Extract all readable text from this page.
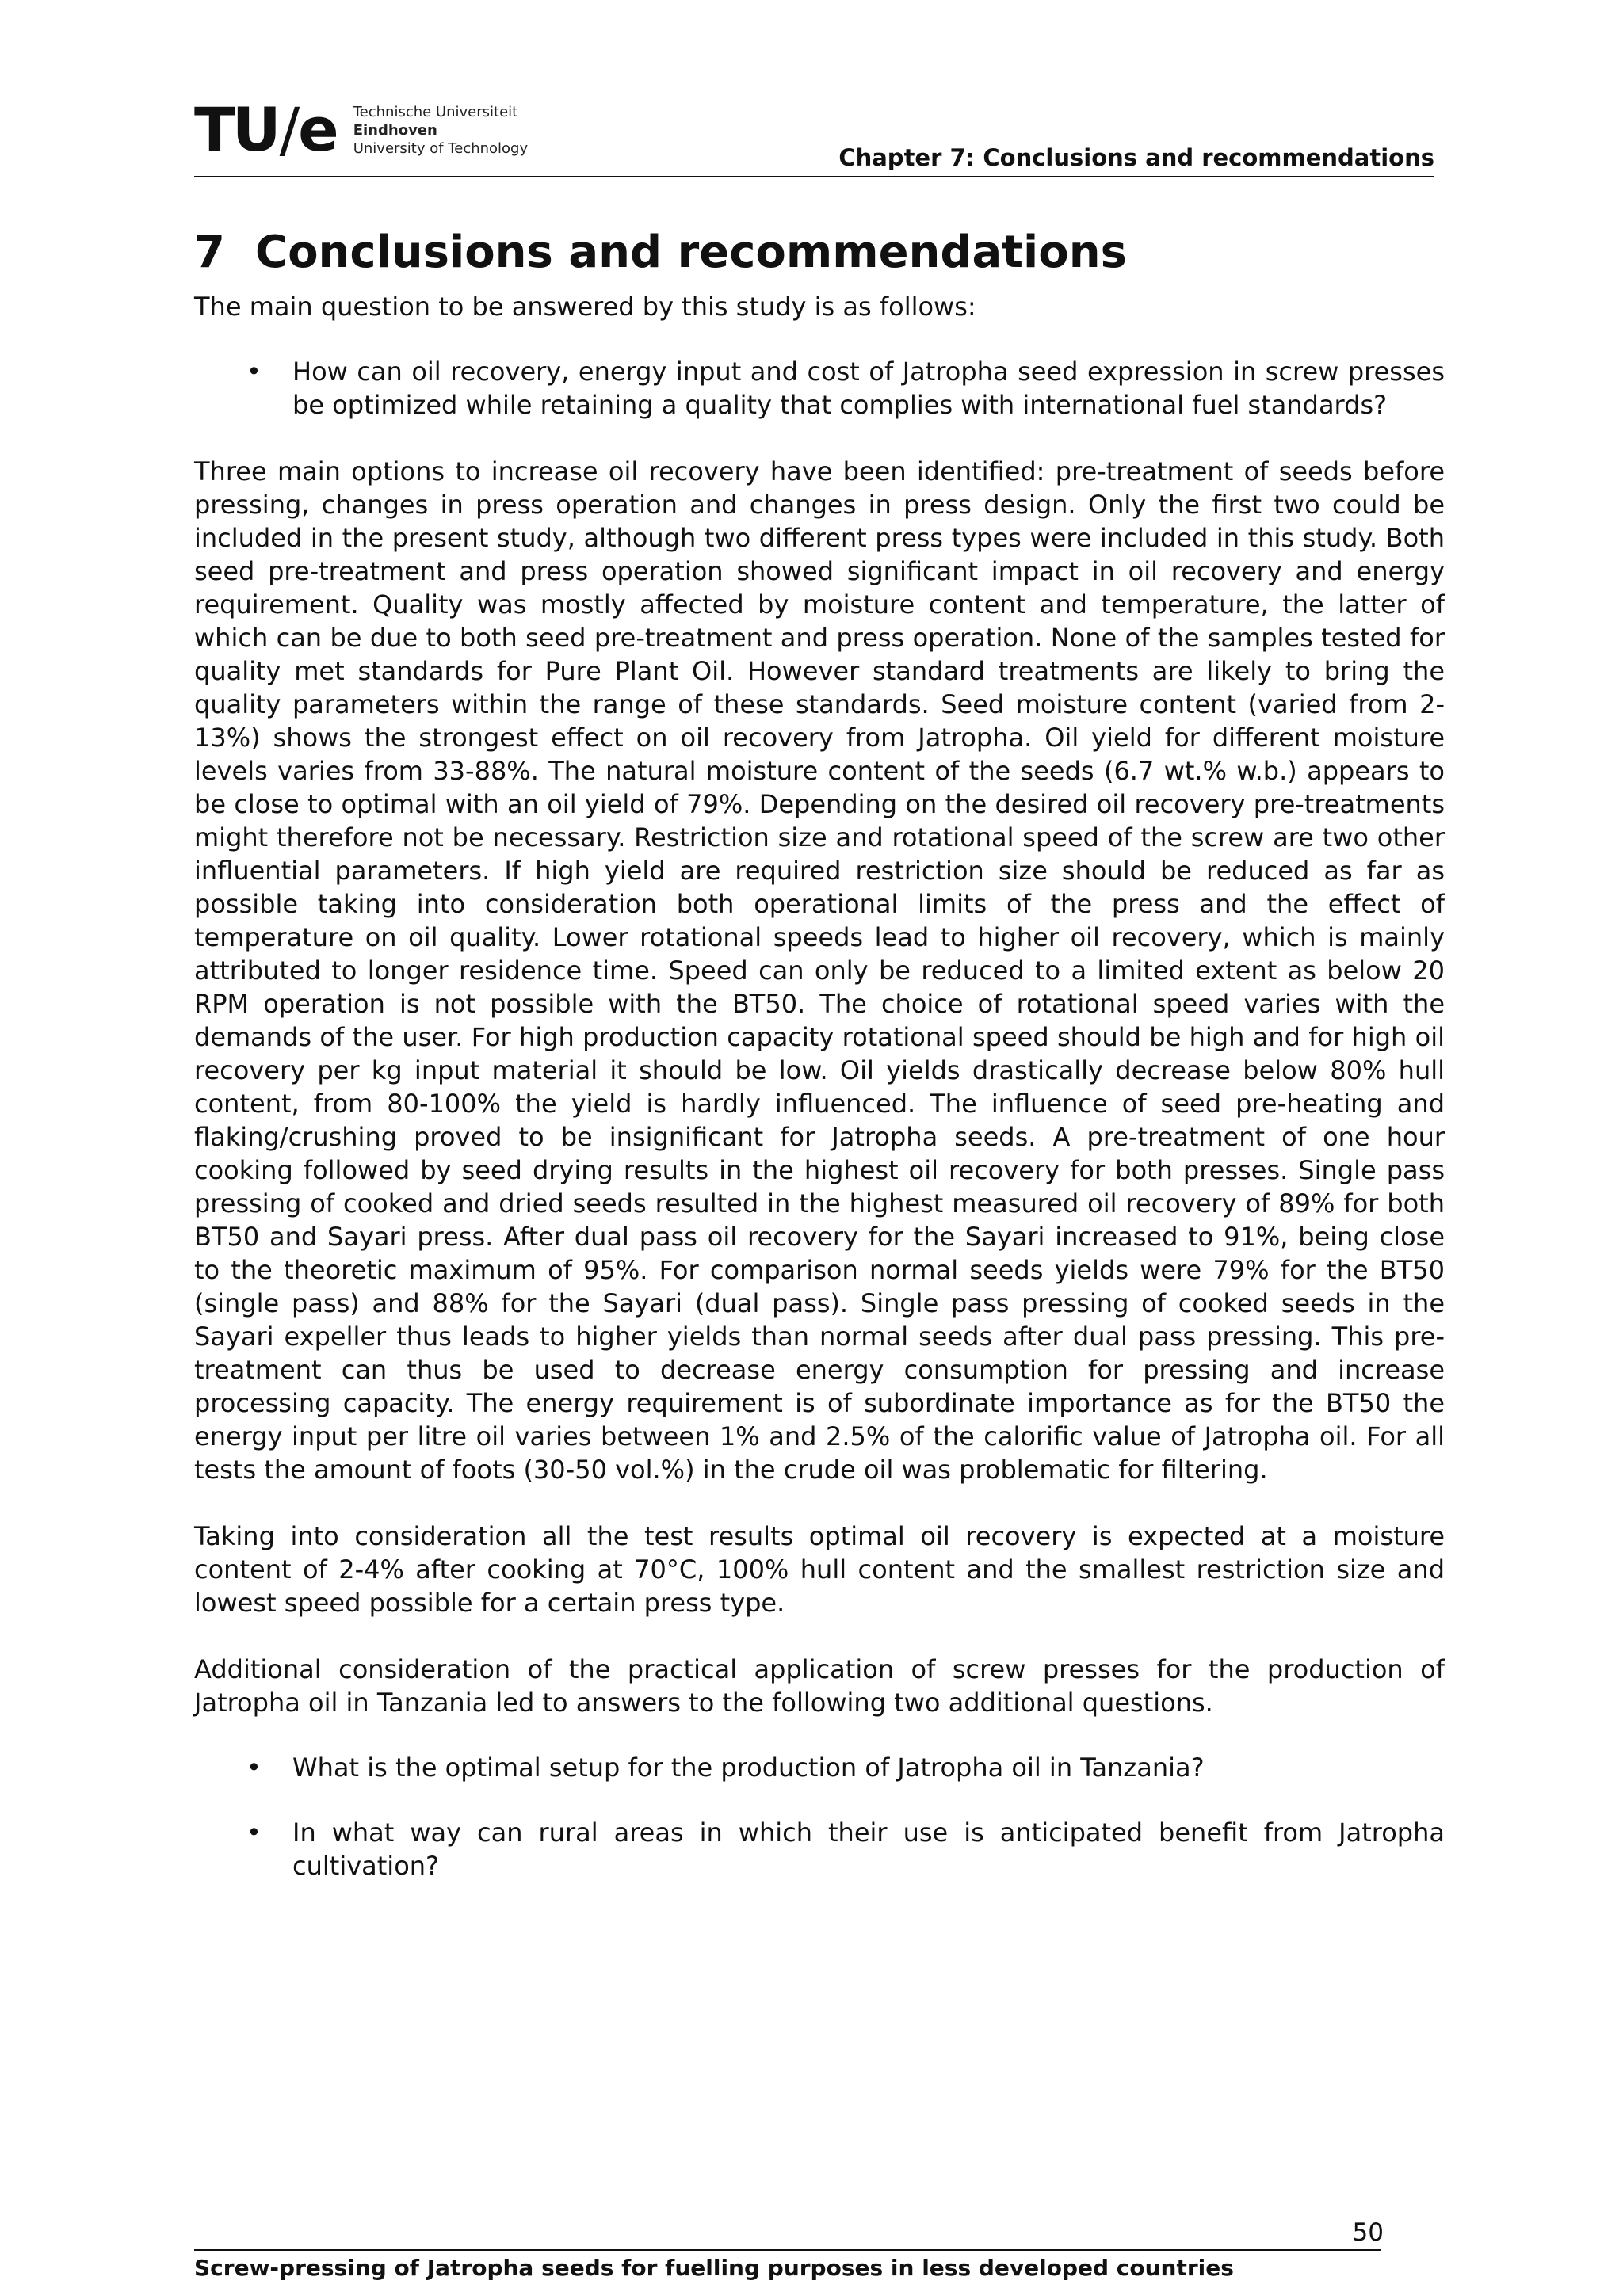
TU/e Technische Universiteit
Eindhoven
University of Technology	Chapter 7: Conclusions and recommendations
7 Conclusions and recommendations

The main question to be answered by this study is as follows:

• How can oil recovery, energy input and cost of Jatropha seed expression in screw presses be optimized while retaining a quality that complies with international fuel standards?

Three main options to increase oil recovery have been identified: pre-treatment of seeds before pressing, changes in press operation and changes in press design. Only the first two could be included in the present study, although two different press types were included in this study. Both seed pre-treatment and press operation showed significant impact in oil recovery and energy requirement. Quality was mostly affected by moisture content and temperature, the latter of which can be due to both seed pre-treatment and press operation. None of the samples tested for quality met standards for Pure Plant Oil. However standard treatments are likely to bring the quality parameters within the range of these standards. Seed moisture content (varied from 2-13%) shows the strongest effect on oil recovery from Jatropha. Oil yield for different moisture levels varies from 33-88%. The natural moisture content of the seeds (6.7 wt.% w.b.) appears to be close to optimal with an oil yield of 79%. Depending on the desired oil recovery pre-treatments might therefore not be necessary. Restriction size and rotational speed of the screw are two other influential parameters. If high yield are required restriction size should be reduced as far as possible taking into consideration both operational limits of the press and the effect of temperature on oil quality. Lower rotational speeds lead to higher oil recovery, which is mainly attributed to longer residence time. Speed can only be reduced to a limited extent as below 20 RPM operation is not possible with the BT50. The choice of rotational speed varies with the demands of the user. For high production capacity rotational speed should be high and for high oil recovery per kg input material it should be low. Oil yields drastically decrease below 80% hull content, from 80-100% the yield is hardly influenced. The influence of seed pre-heating and flaking/crushing proved to be insignificant for Jatropha seeds. A pre-treatment of one hour cooking followed by seed drying results in the highest oil recovery for both presses. Single pass pressing of cooked and dried seeds resulted in the highest measured oil recovery of 89% for both BT50 and Sayari press. After dual pass oil recovery for the Sayari increased to 91%, being close to the theoretic maximum of 95%. For comparison normal seeds yields were 79% for the BT50 (single pass) and 88% for the Sayari (dual pass). Single pass pressing of cooked seeds in the Sayari expeller thus leads to higher yields than normal seeds after dual pass pressing. This pre-treatment can thus be used to decrease energy consumption for pressing and increase processing capacity. The energy requirement is of subordinate importance as for the BT50 the energy input per litre oil varies between 1% and 2.5% of the calorific value of Jatropha oil. For all tests the amount of foots (30-50 vol.%) in the crude oil was problematic for filtering.

Taking into consideration all the test results optimal oil recovery is expected at a moisture content of 2-4% after cooking at 70°C, 100% hull content and the smallest restriction size and lowest speed possible for a certain press type.

Additional consideration of the practical application of screw presses for the production of Jatropha oil in Tanzania led to answers to the following two additional questions.

• What is the optimal setup for the production of Jatropha oil in Tanzania?
• In what way can rural areas in which their use is anticipated benefit from Jatropha cultivation?
50
Screw-pressing of Jatropha seeds for fuelling purposes in less developed countries
